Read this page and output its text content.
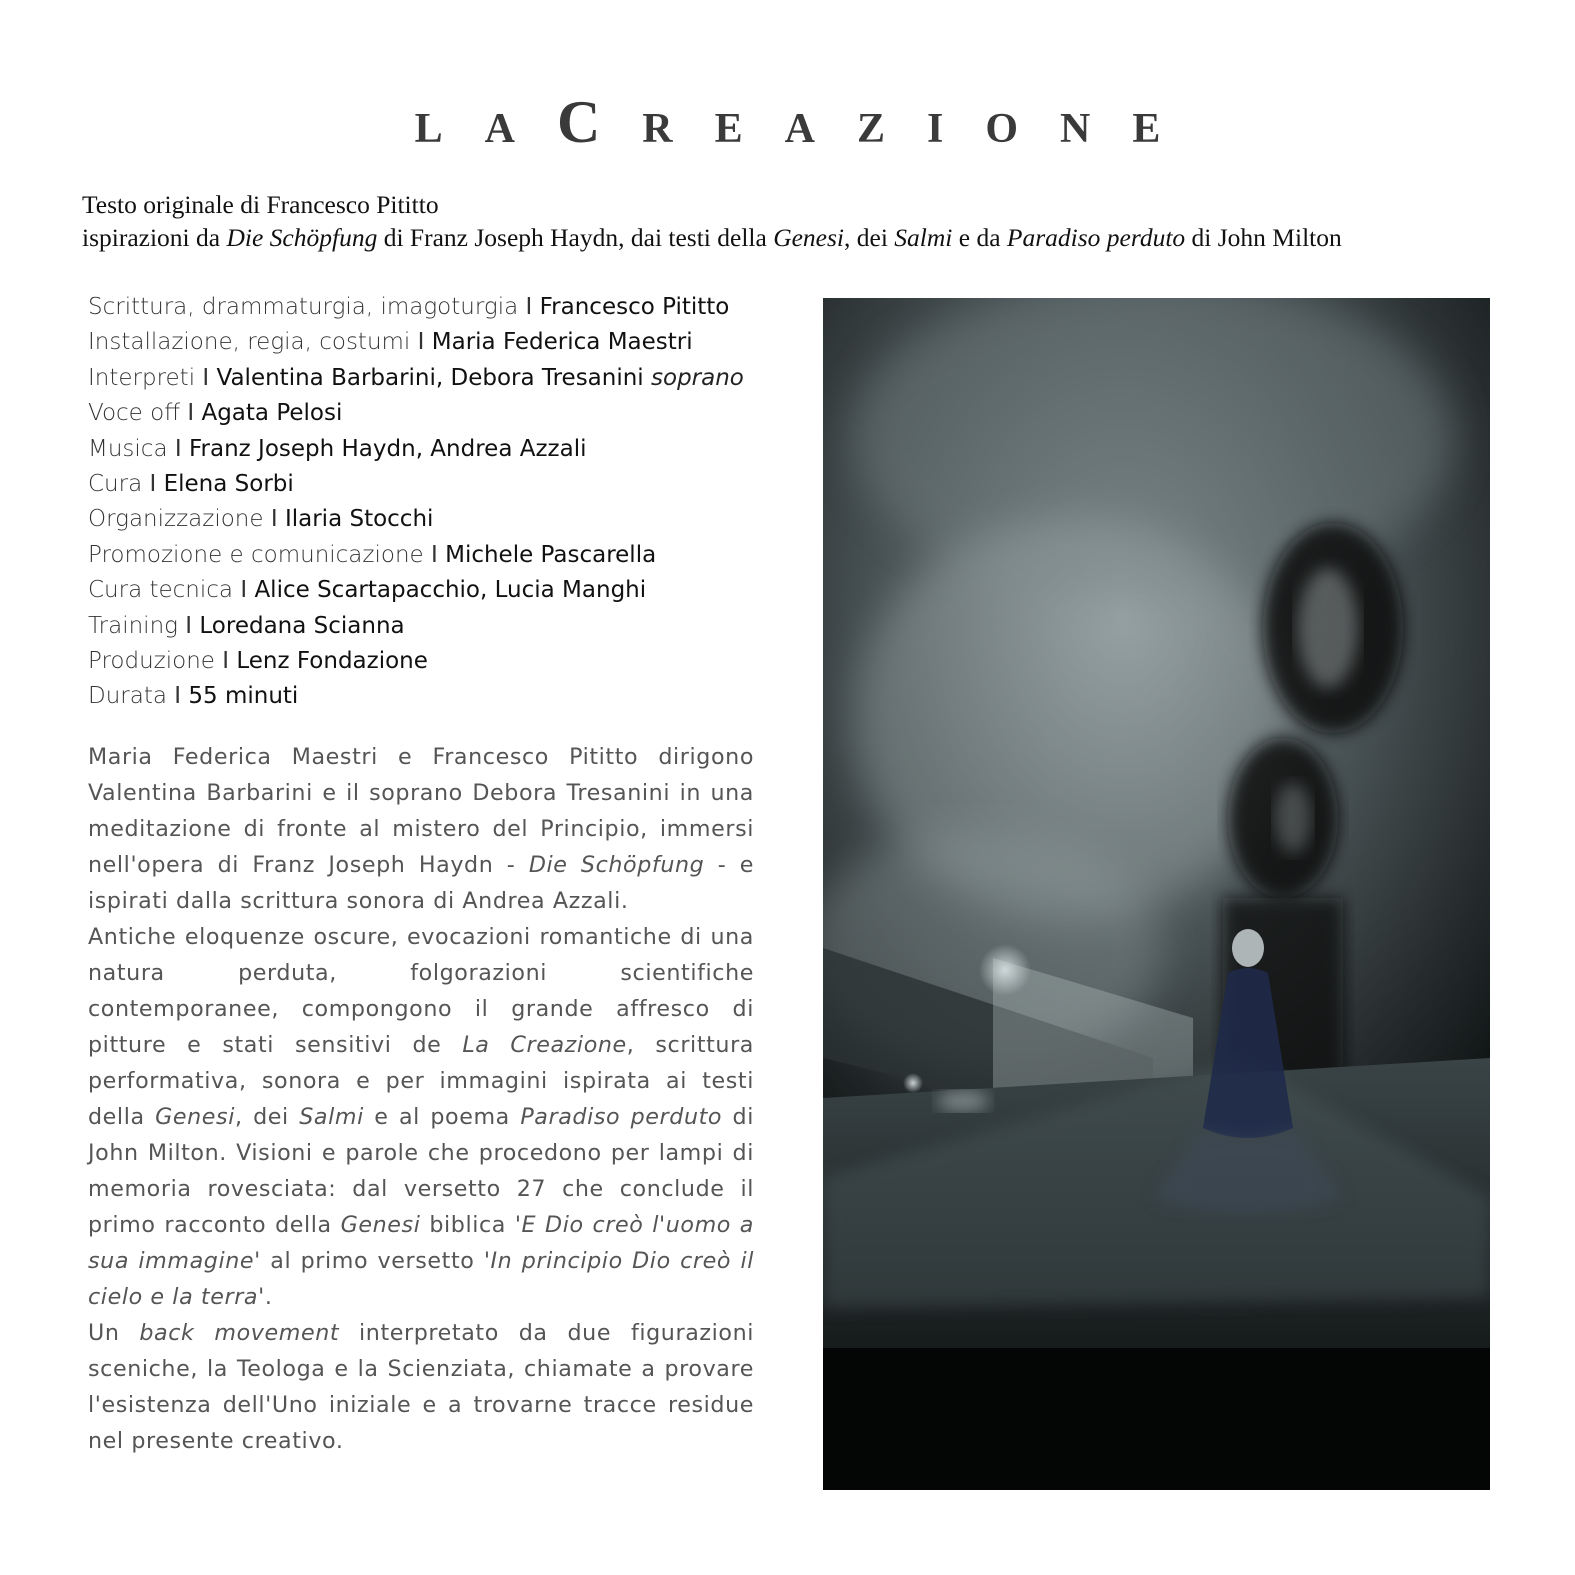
L A C R E A Z I O N E
Testo originale di Francesco Pititto
ispirazioni da Die Schöpfung di Franz Joseph Haydn, dai testi della Genesi, dei Salmi e da Paradiso perduto di John Milton
Scrittura, drammaturgia, imagoturgia I Francesco Pititto
Installazione, regia, costumi I Maria Federica Maestri
Interpreti I Valentina Barbarini, Debora Tresanini soprano
Voce off I Agata Pelosi
Musica I Franz Joseph Haydn, Andrea Azzali
Cura I Elena Sorbi
Organizzazione I Ilaria Stocchi
Promozione e comunicazione I Michele Pascarella
Cura tecnica I Alice Scartapacchio, Lucia Manghi
Training I Loredana Scianna
Produzione I Lenz Fondazione
Durata I 55 minuti

Maria Federica Maestri e Francesco Pititto dirigono Valentina Barbarini e il soprano Debora Tresanini in una meditazione di fronte al mistero del Principio, immersi nell'opera di Franz Joseph Haydn - Die Schöpfung - e ispirati dalla scrittura sonora di Andrea Azzali.

Antiche eloquenze oscure, evocazioni romantiche di una natura perduta, folgorazioni scientifiche contemporanee, compongono il grande affresco di pitture e stati sensitivi de La Creazione, scrittura performativa, sonora e per immagini ispirata ai testi della Genesi, dei Salmi e al poema Paradiso perduto di John Milton. Visioni e parole che procedono per lampi di memoria rovesciata: dal versetto 27 che conclude il primo racconto della Genesi biblica 'E Dio creò l'uomo a sua immagine' al primo versetto 'In principio Dio creò il cielo e la terra'.

Un back movement interpretato da due figurazioni sceniche, la Teologa e la Scienziata, chiamate a provare l'esistenza dell'Uno iniziale e a trovarne tracce residue nel presente creativo.
